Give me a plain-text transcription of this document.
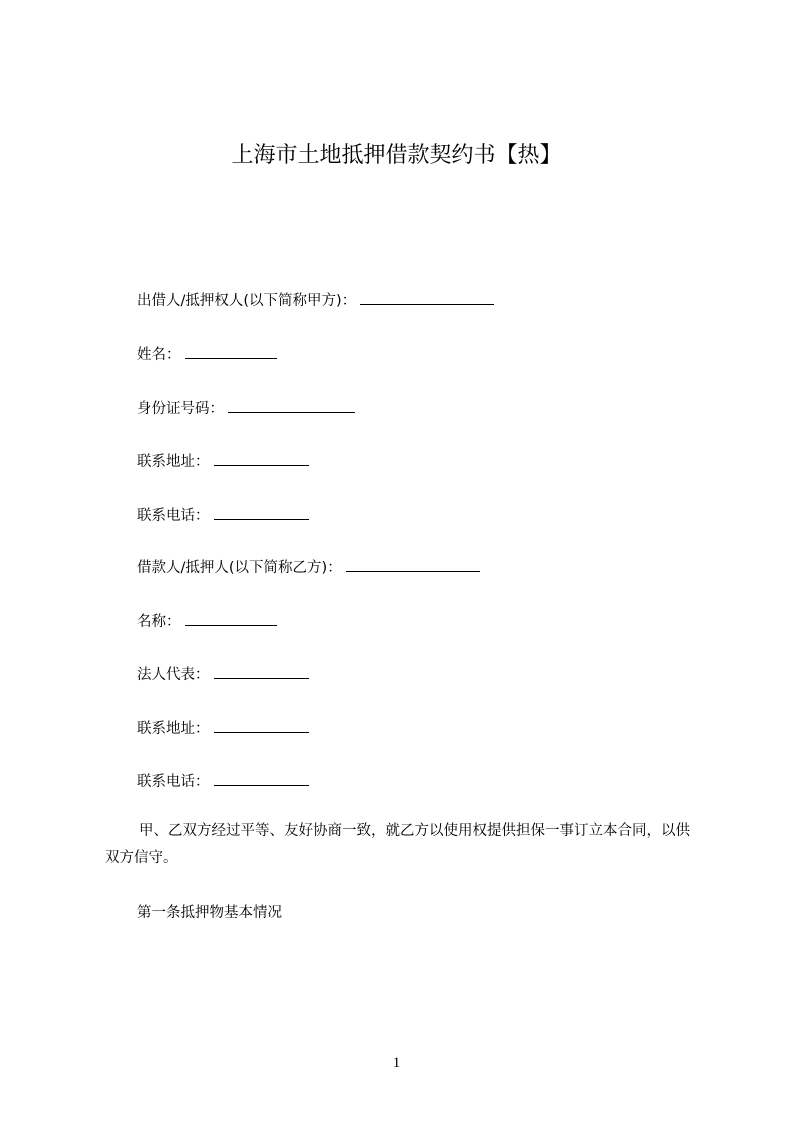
上海市土地抵押借款契约书【热】
出借人/抵押权人(以下简称甲方)：
姓名：
身份证号码：
联系地址：
联系电话：
借款人/抵押人(以下简称乙方)：
名称：
法人代表：
联系地址：
联系电话：
甲、乙双方经过平等、友好协商一致，就乙方以使用权提供担保一事订立本合同，以供双方信守。
第一条抵押物基本情况
1
